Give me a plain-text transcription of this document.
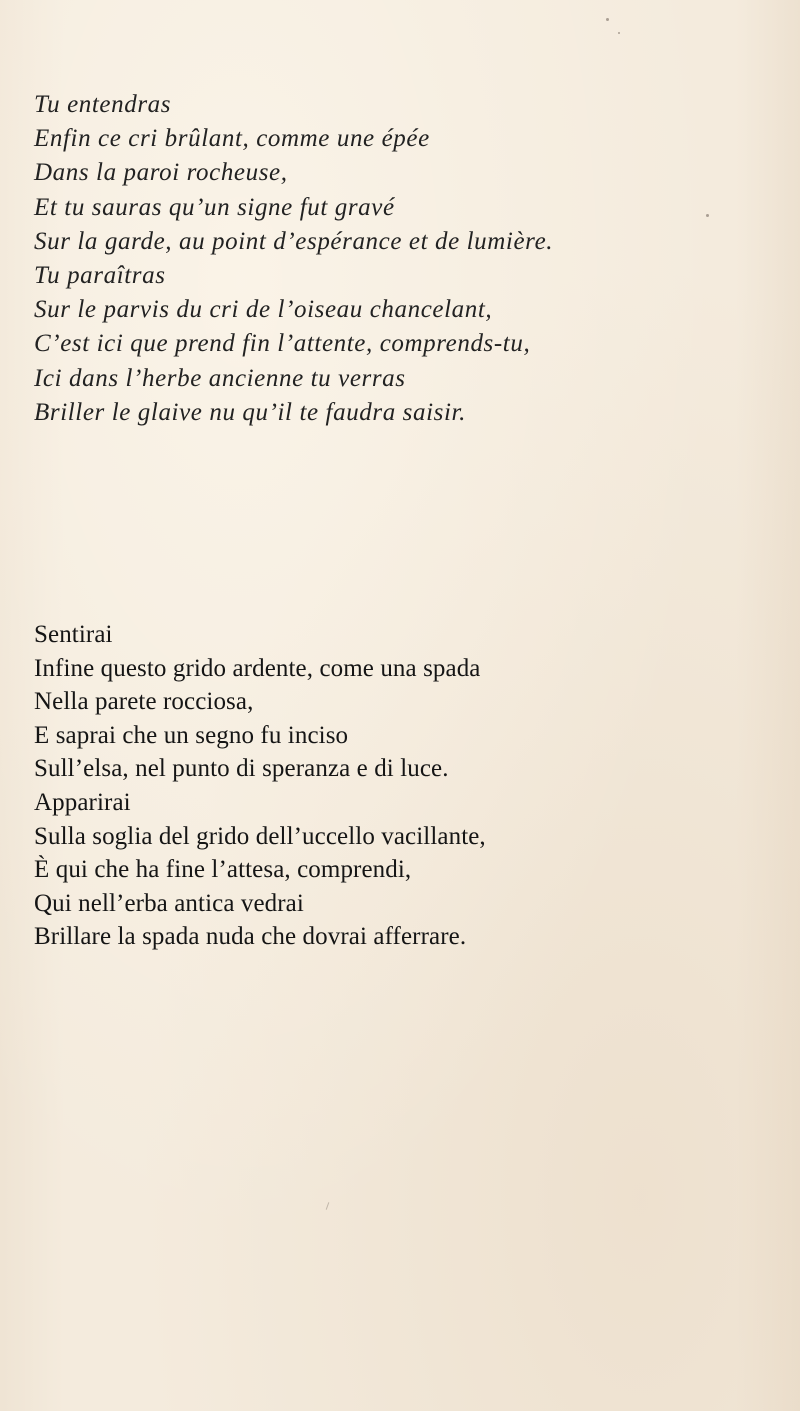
Tu entendras
Enfin ce cri brûlant, comme une épée
Dans la paroi rocheuse,
Et tu sauras qu’un signe fut gravé
Sur la garde, au point d’espérance et de lumière.
Tu paraîtras
Sur le parvis du cri de l’oiseau chancelant,
C’est ici que prend fin l’attente, comprends-tu,
Ici dans l’herbe ancienne tu verras
Briller le glaive nu qu’il te faudra saisir.
Sentirai
Infine questo grido ardente, come una spada
Nella parete rocciosa,
E saprai che un segno fu inciso
Sull’elsa, nel punto di speranza e di luce.
Apparirai
Sulla soglia del grido dell’uccello vacillante,
È qui che ha fine l’attesa, comprendi,
Qui nell’erba antica vedrai
Brillare la spada nuda che dovrai afferrare.
